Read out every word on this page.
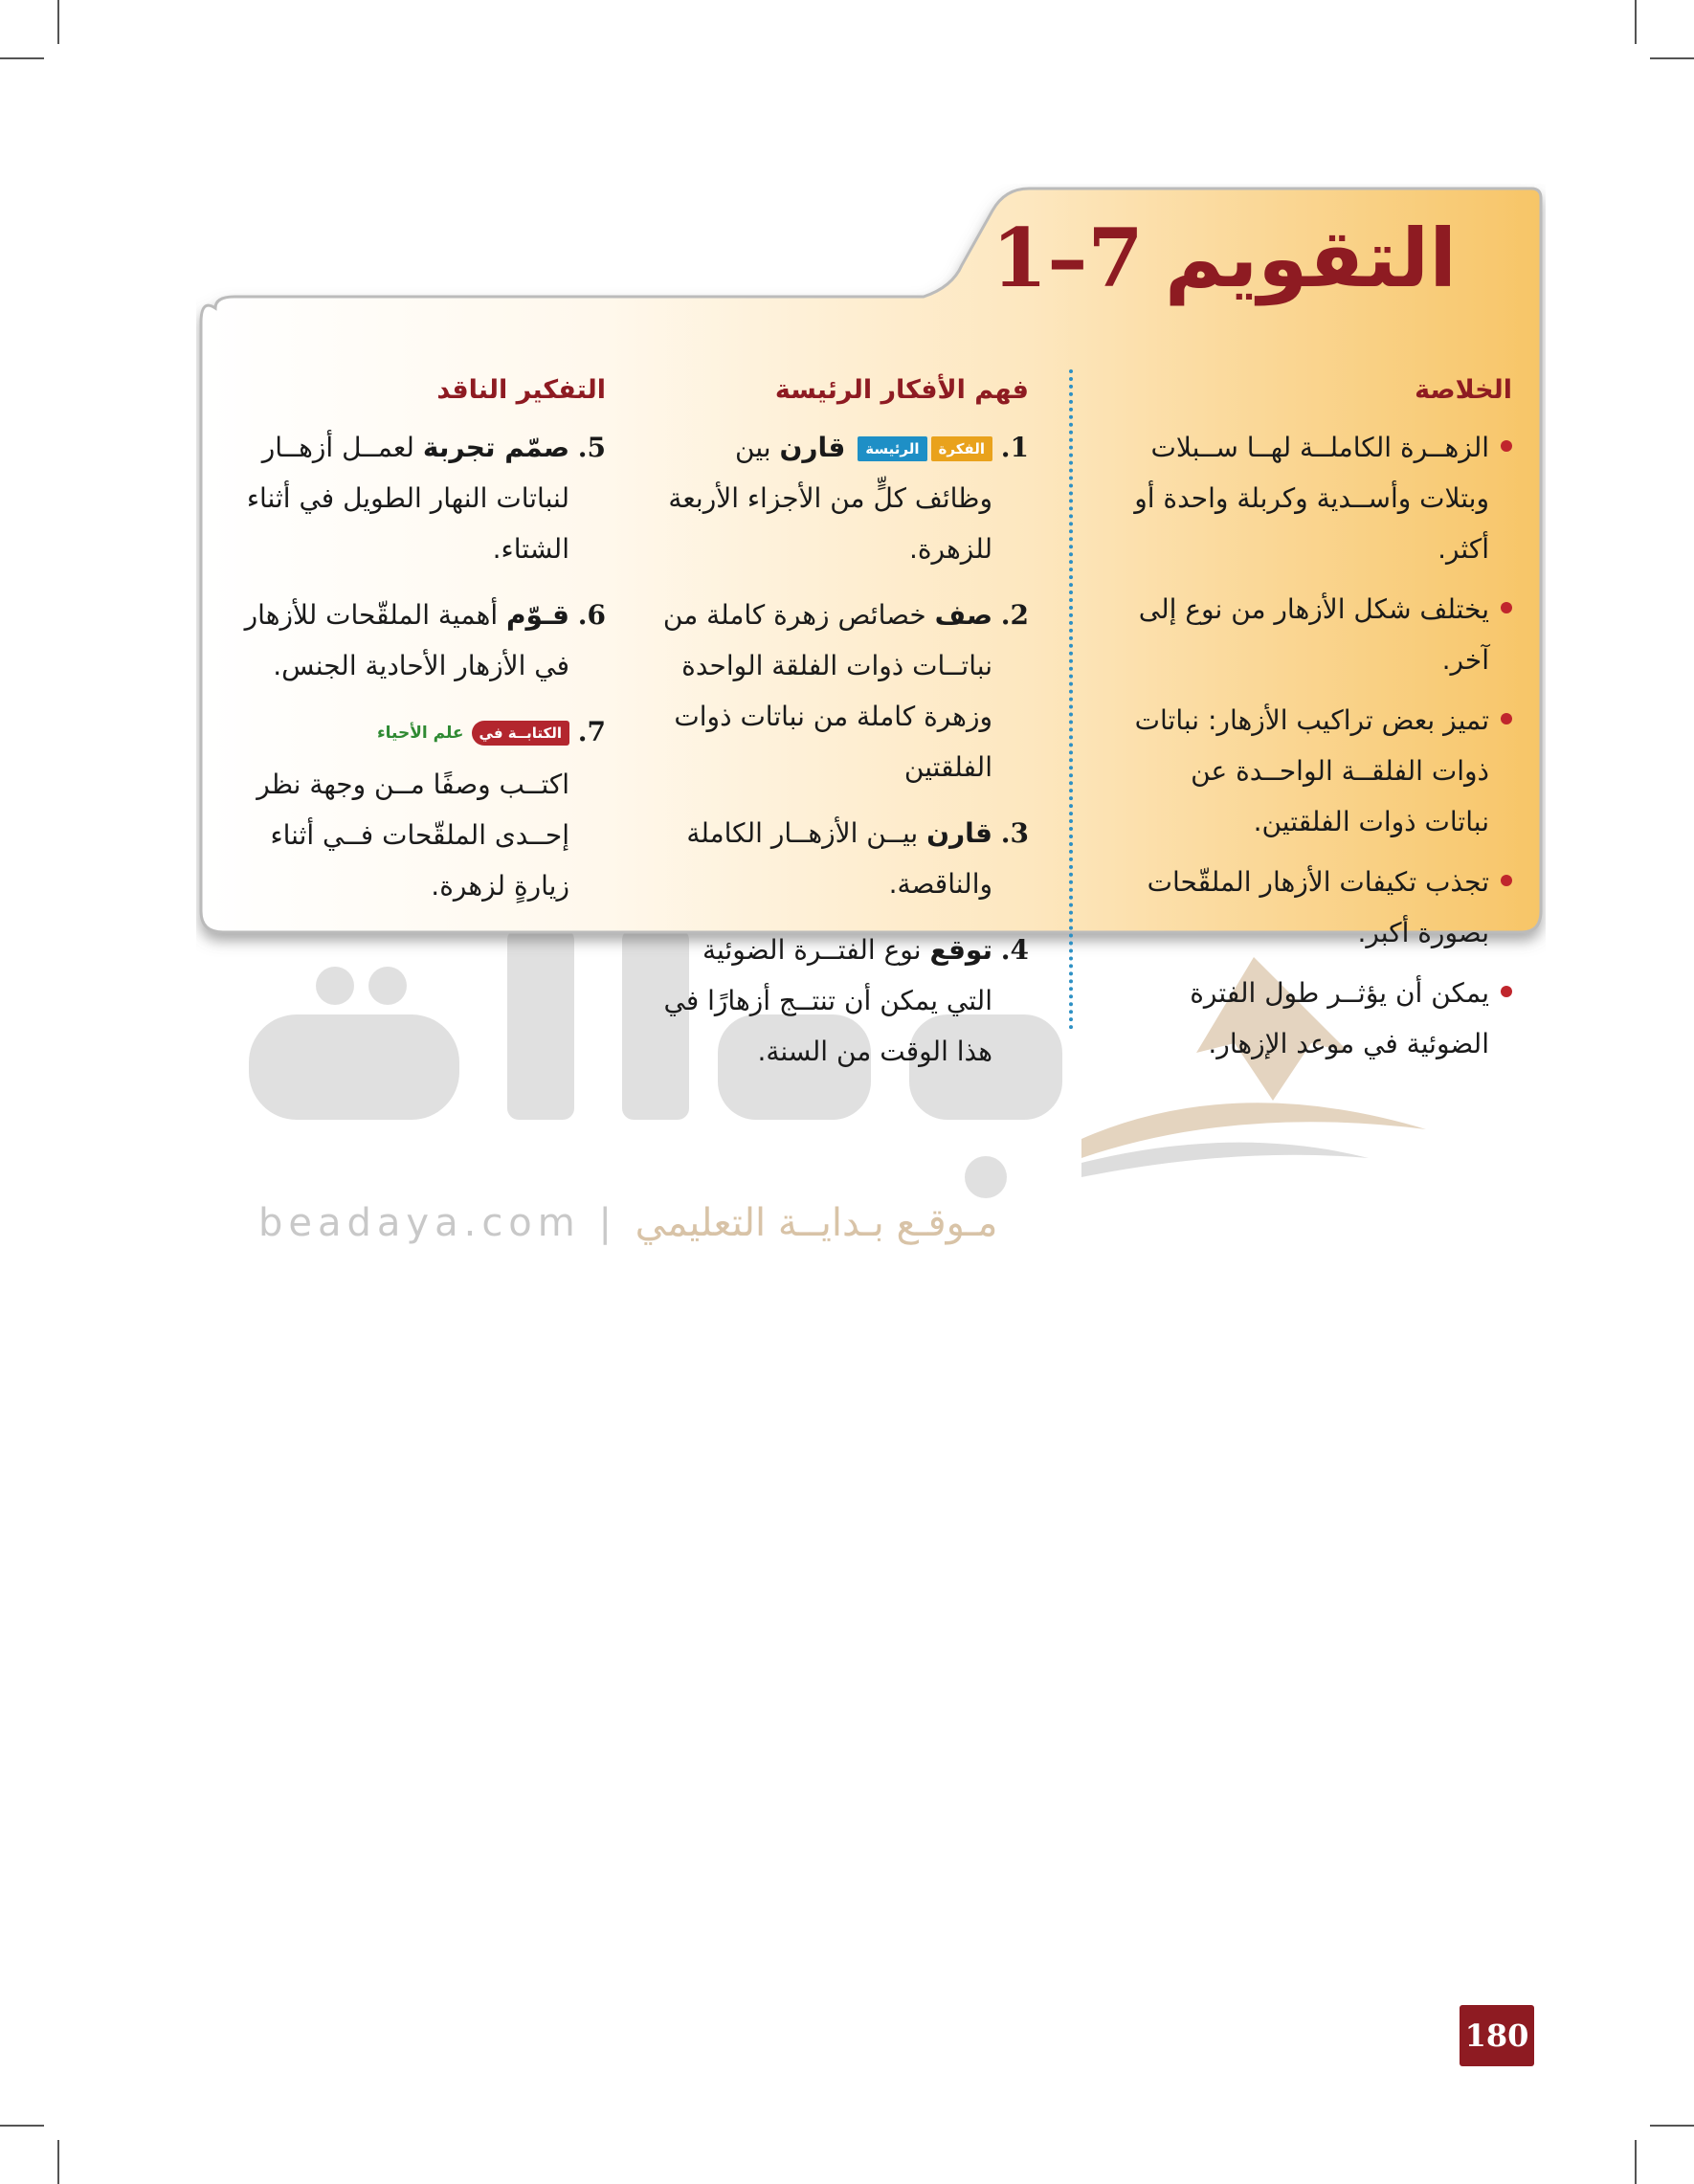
التقويم7–1
الخلاصة
الزهــرة الكاملــة لهــا ســبلات وبتلات وأســدية وكربلة واحدة أو أكثر.
يختلف شكل الأزهار من نوع إلى آخر.
تميز بعض تراكيب الأزهار: نباتات ذوات الفلقــة الواحــدة عن نباتات ذوات الفلقتين.
تجذب تكيفات الأزهار الملقّحات بصورة أكبر.
يمكن أن يؤثــر طول الفترة الضوئية في موعد الإزهار.
فهم الأفكار الرئيسة
1.
الفكرةالرئيسة قارن بين وظائف كلٍّ من الأجزاء الأربعة للزهرة.
2.
صف خصائص زهرة كاملة من نباتــات ذوات الفلقة الواحدة وزهرة كاملة من نباتات ذوات الفلقتين
3.
قارن بيــن الأزهــار الكاملة والناقصة.
4.
توقع نوع الفتــرة الضوئية التي يمكن أن تنتــج أزهارًا في هذا الوقت من السنة.
التفكير الناقد
5.
صمّم تجربة لعمــل أزهــار لنباتات النهار الطويل في أثناء الشتاء.
6.
قـوّم أهمية الملقّحات للأزهار في الأزهار الأحادية الجنس.
7.
الكتابــة فيعلم الأحياء
اكتــب وصفًا مــن وجهة نظر إحــدى الملقّحات فــي أثناء زيارةٍ لزهرة.
beadaya.com | مـوقـع بـدايــة التعليمي
180
